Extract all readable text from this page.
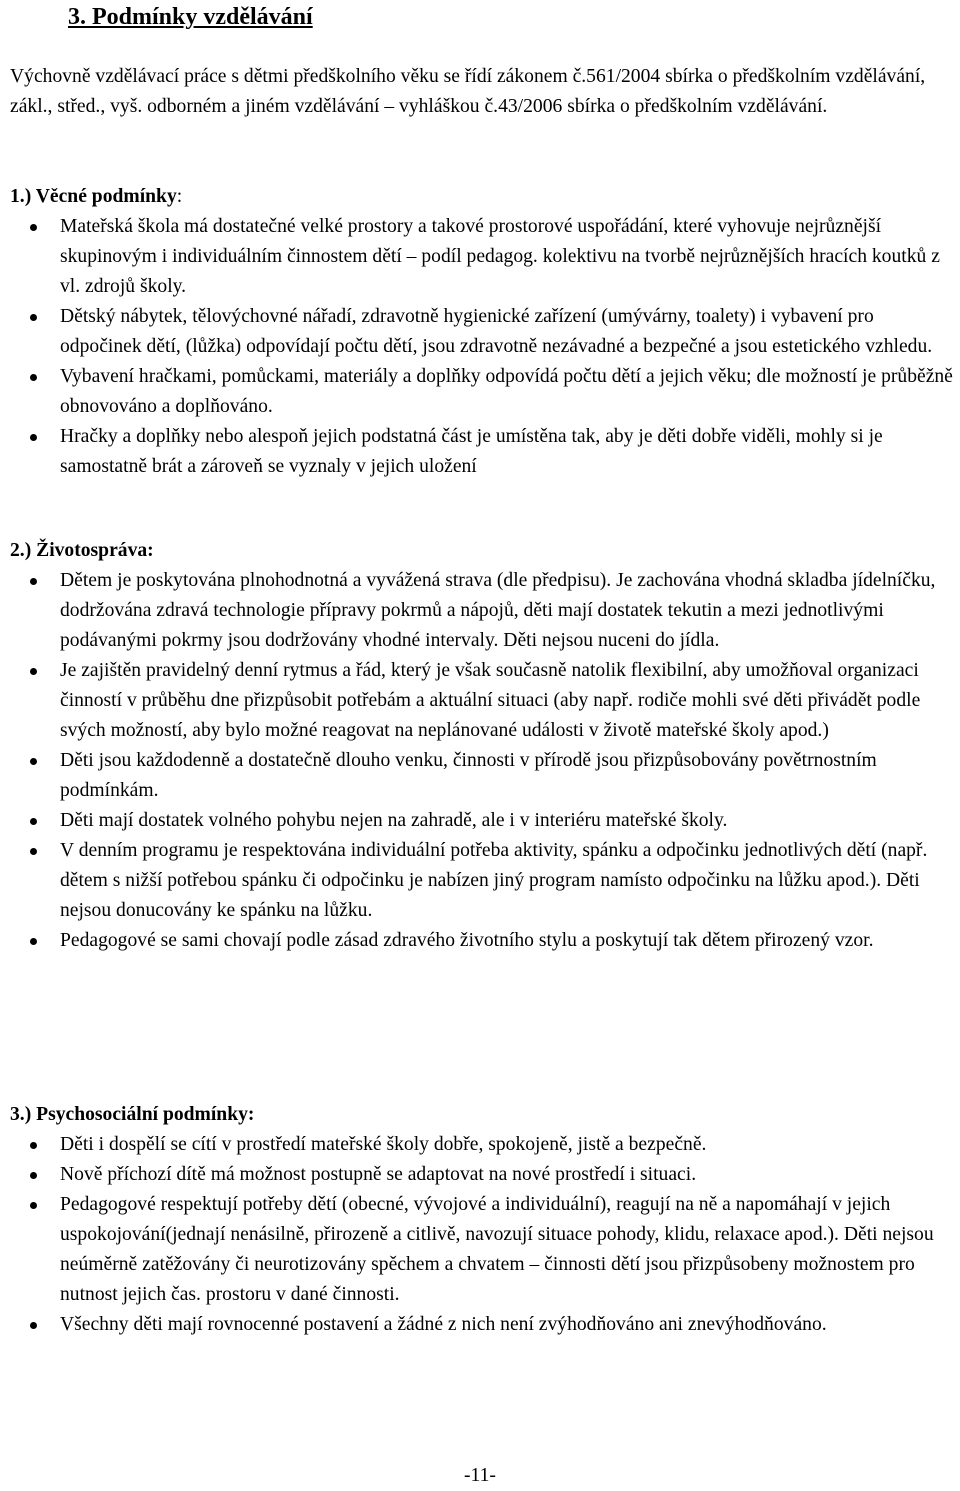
3. Podmínky vzdělávání

Výchovně vzdělávací práce s dětmi předškolního věku se řídí zákonem č.561/2004 sbírka o předškolním vzdělávání, zákl., střed., vyš. odborném a jiném vzdělávání – vyhláškou č.43/2006 sbírka o předškolním vzdělávání.

1.) Věcné podmínky:

Mateřská škola má dostatečné velké prostory a takové prostorové uspořádání, které vyhovuje nejrůznější skupinovým i individuálním činnostem dětí – podíl pedagog. kolektivu na tvorbě nejrůznějších hracích koutků z vl. zdrojů školy.
Dětský nábytek, tělovýchovné nářadí, zdravotně hygienické zařízení (umývárny, toalety) i vybavení pro odpočinek dětí, (lůžka) odpovídají počtu dětí, jsou zdravotně nezávadné a bezpečné a jsou estetického vzhledu.
Vybavení hračkami, pomůckami, materiály a doplňky odpovídá počtu dětí a jejich věku; dle možností je průběžně obnovováno a doplňováno.
Hračky a doplňky nebo alespoň jejich podstatná část je umístěna tak, aby je děti dobře viděli, mohly si je samostatně brát a zároveň se vyznaly v jejich uložení

2.) Životospráva:

Dětem je poskytována plnohodnotná a vyvážená strava (dle předpisu). Je zachována vhodná skladba jídelníčku, dodržována zdravá technologie přípravy pokrmů a nápojů, děti mají dostatek tekutin a mezi jednotlivými podávanými pokrmy jsou dodržovány vhodné intervaly. Děti nejsou nuceni do jídla.
Je zajištěn pravidelný denní rytmus a řád, který je však současně natolik flexibilní, aby umožňoval organizaci činností v průběhu dne přizpůsobit potřebám a aktuální situaci (aby např. rodiče mohli své děti přivádět podle svých možností, aby bylo možné reagovat na neplánované události v životě mateřské školy apod.)
Děti jsou každodenně a dostatečně dlouho venku, činnosti v přírodě jsou přizpůsobovány povětrnostním podmínkám.
Děti mají dostatek volného pohybu nejen na zahradě, ale i v interiéru mateřské školy.
V denním programu je respektována individuální potřeba aktivity, spánku a odpočinku jednotlivých dětí (např. dětem s nižší potřebou spánku či odpočinku je nabízen jiný program namísto odpočinku na lůžku apod.). Děti nejsou donucovány ke spánku na lůžku.
Pedagogové se sami chovají podle zásad zdravého životního stylu a poskytují tak dětem přirozený vzor.

3.) Psychosociální podmínky:

Děti i dospělí se cítí v prostředí mateřské školy dobře, spokojeně, jistě a bezpečně.
Nově příchozí dítě má možnost postupně se adaptovat na nové prostředí i situaci.
Pedagogové respektují potřeby dětí (obecné, vývojové a individuální), reagují na ně a napomáhají v jejich uspokojování(jednají nenásilně, přirozeně a citlivě, navozují situace pohody, klidu, relaxace apod.). Děti nejsou neúměrně zatěžovány či neurotizovány spěchem a chvatem – činnosti dětí jsou přizpůsobeny možnostem pro nutnost jejich čas. prostoru v dané činnosti.
Všechny děti mají rovnocenné postavení a žádné z nich není zvýhodňováno ani znevýhodňováno.

-11-
